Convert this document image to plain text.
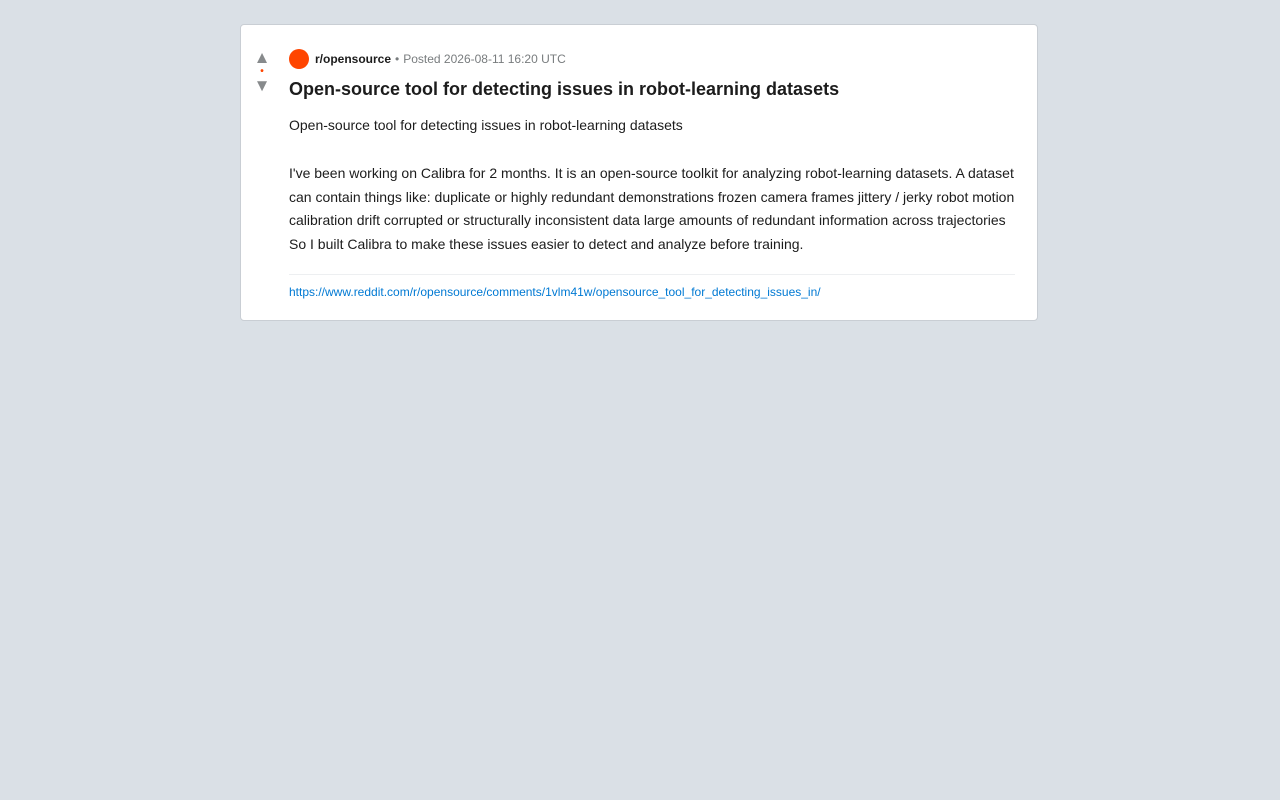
▲
•
▼
r/opensource • Posted 2026-08-11 16:20 UTC
Open-source tool for detecting issues in robot-learning datasets

Open-source tool for detecting issues in robot-learning datasets

I've been working on Calibra for 2 months. It is an open-source toolkit for analyzing robot-learning datasets. A dataset can contain things like: duplicate or highly redundant demonstrations frozen camera frames jittery / jerky robot motion calibration drift corrupted or structurally inconsistent data large amounts of redundant information across trajectories So I built Calibra to make these issues easier to detect and analyze before training.

https://www.reddit.com/r/opensource/comments/1vlm41w/opensource_tool_for_detecting_issues_in/
